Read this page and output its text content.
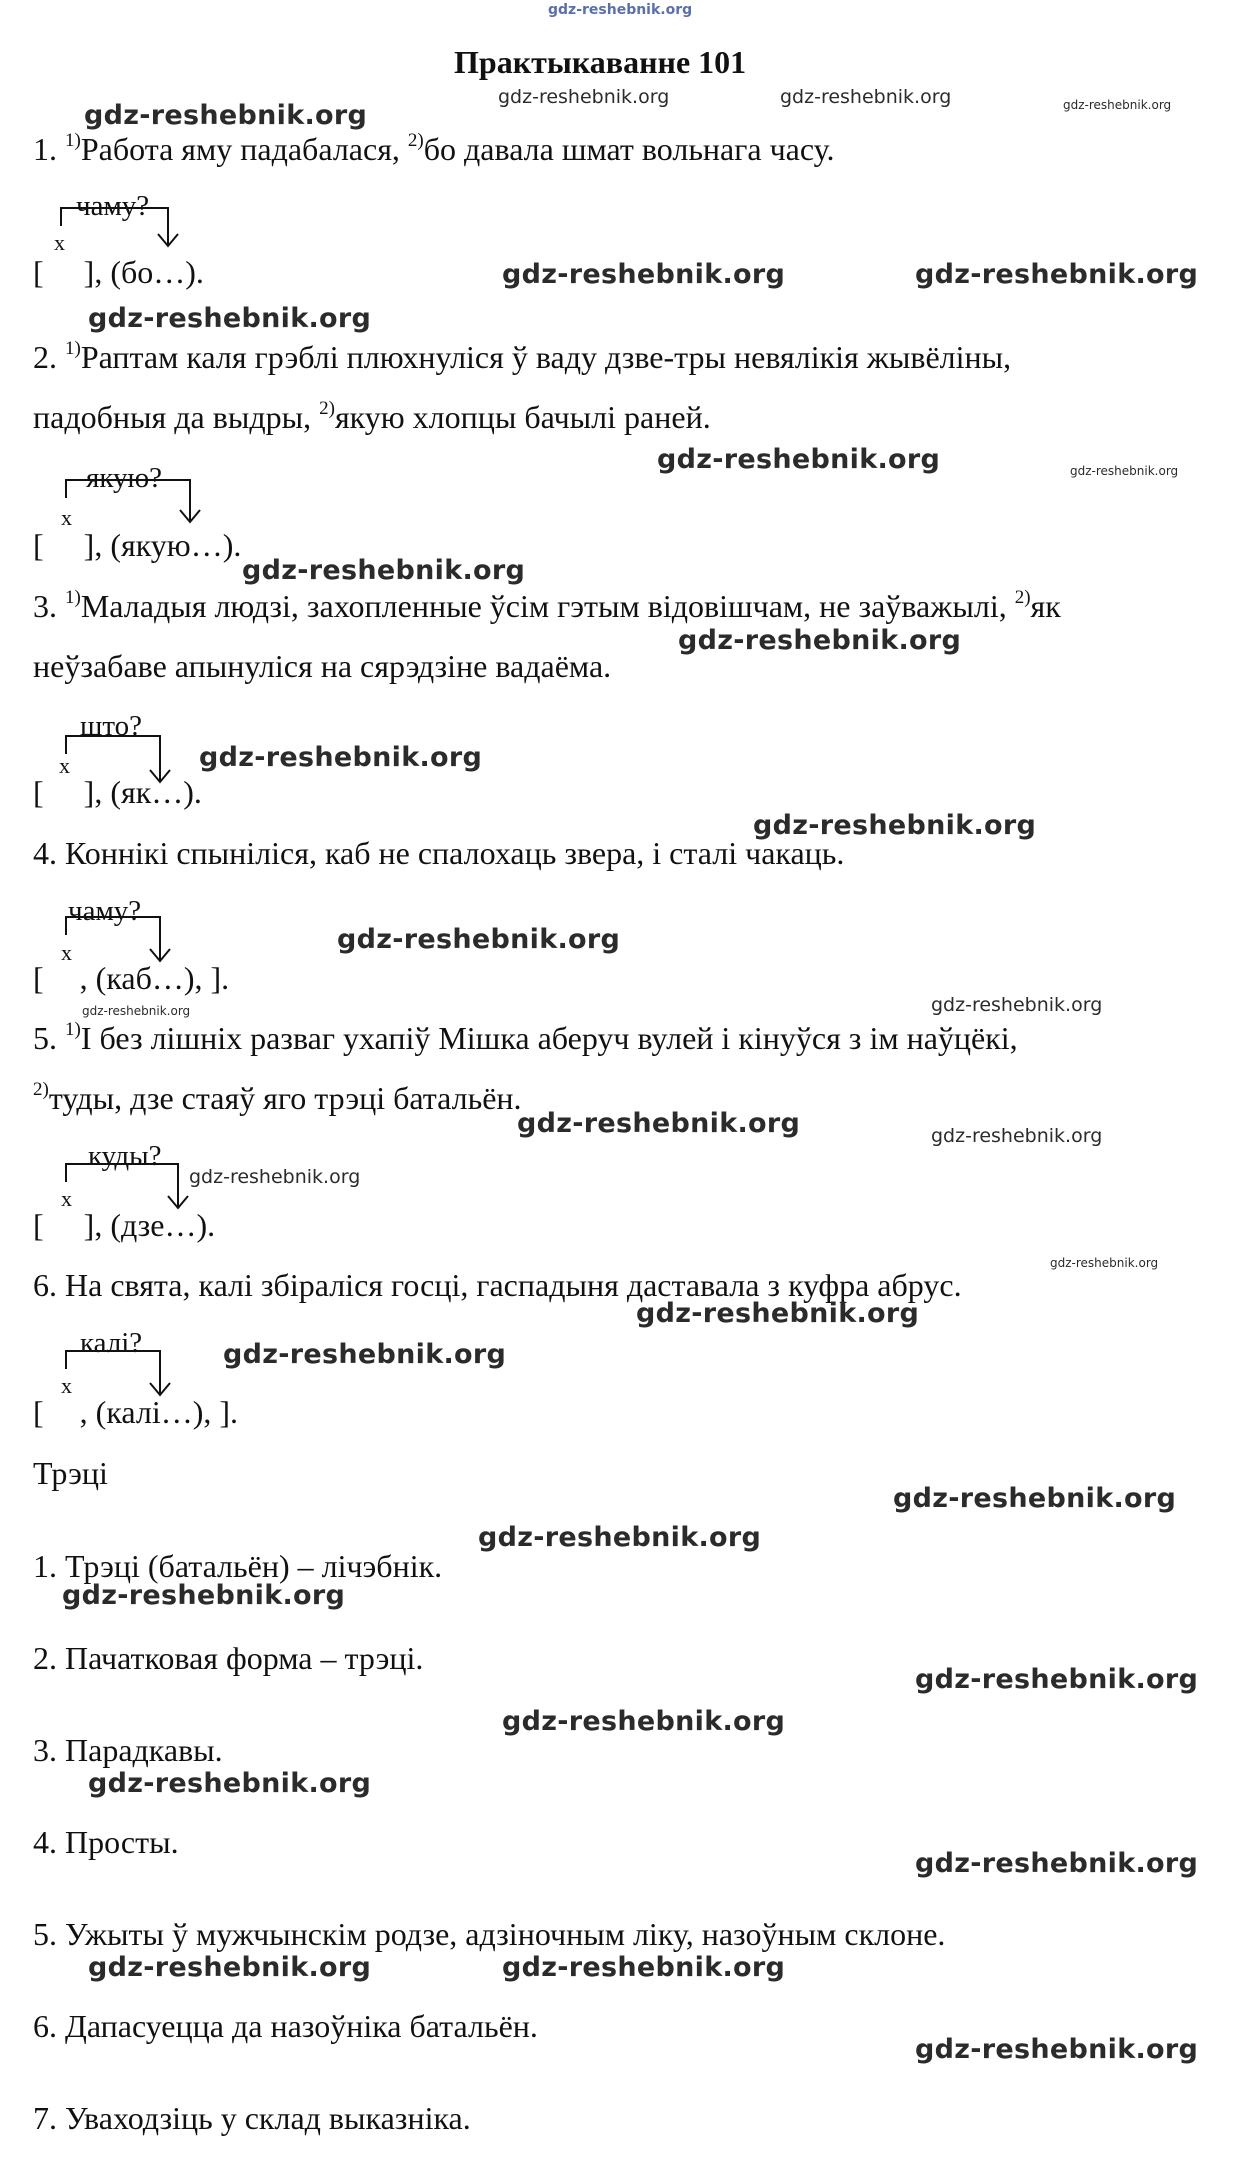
gdz-reshebnik.org
Практыкаванне 101
1. $^{1)}$Работа яму падабалася, $^{2)}$бо давала шмат вольнага часу.
чаму?
x
[ ], (бо…).
2. $^{1)}$Раптам каля грэблі плюхнуліся ў ваду дзве-тры невялікія жывёліны,
падобныя да выдры, $^{2)}$якую хлопцы бачылі раней.
якую?
x
[ ], (якую…).
3. $^{1)}$Маладыя людзі, захопленные ўсім гэтым відовішчам, не заўважылі, $^{2)}$як
неўзабаве апынуліся на сярэдзіне вадаёма.
што?
x
[ ], (як…).
4. Коннікі спыніліся, каб не спалохаць звера, і сталі чакаць.
чаму?
x
[ , (каб…), ].
5. $^{1)}$І без лішніх разваг ухапіў Мішка аберуч вулей і кінуўся з ім наўцёкі,
$^{2)}$туды, дзе стаяў яго трэці батальён.
куды?
x
[ ], (дзе…).
6. На свята, калі збіраліся госці, гаспадыня даставала з куфра абрус.
калі?
x
[ , (калі…), ].
Трэці
1. Трэці (батальён) – лічэбнік.
2. Пачатковая форма – трэці.
3. Парадкавы.
4. Просты.
5. Ужыты ў мужчынскім родзе, адзіночным ліку, назоўным склоне.
6. Дапасуецца да назоўніка батальён.
7. Уваходзіць у склад выказніка.
gdz-reshebnik.org	gdz-reshebnik.org	gdz-reshebnik.org
gdz-reshebnik.org
gdz-reshebnik.org	gdz-reshebnik.org
gdz-reshebnik.org
gdz-reshebnik.org	gdz-reshebnik.org
gdz-reshebnik.org
gdz-reshebnik.org
gdz-reshebnik.org
gdz-reshebnik.org
gdz-reshebnik.org
gdz-reshebnik.org	gdz-reshebnik.org
gdz-reshebnik.org	gdz-reshebnik.org
gdz-reshebnik.org
gdz-reshebnik.org
gdz-reshebnik.org
gdz-reshebnik.org
gdz-reshebnik.org
gdz-reshebnik.org
gdz-reshebnik.org
gdz-reshebnik.org
gdz-reshebnik.org
gdz-reshebnik.org
gdz-reshebnik.org
gdz-reshebnik.org	gdz-reshebnik.org
gdz-reshebnik.org
